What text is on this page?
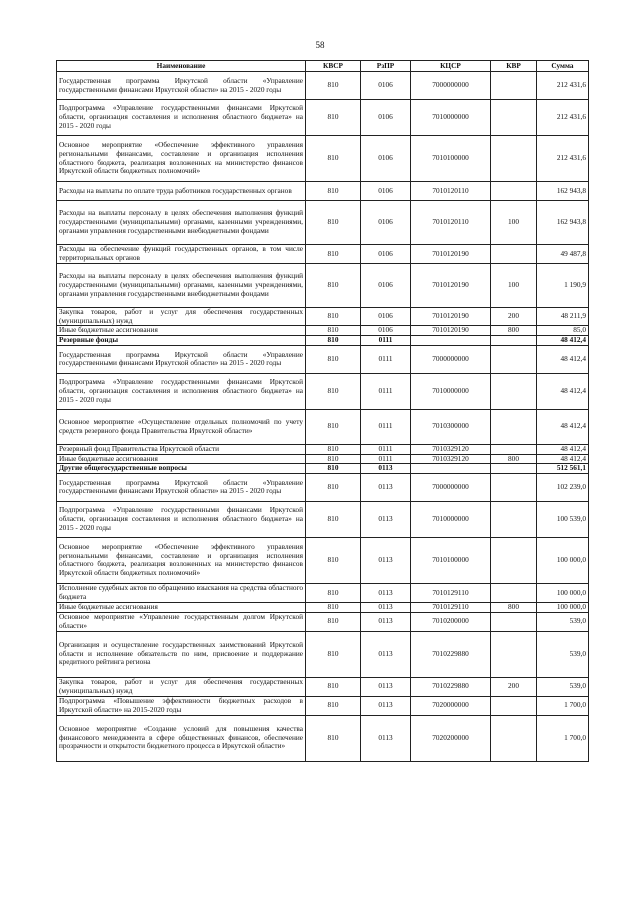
58
Наименование	КВСР	РзПР	КЦСР	КВР	Сумма
Государственная программа Иркутской области «Управление государственными финансами Иркутской области» на 2015 - 2020 годы	810	0106	7000000000		212 431,6
Подпрограмма «Управление государственными финансами Иркутской области, организация составления и исполнения областного бюджета» на 2015 - 2020 годы	810	0106	7010000000		212 431,6
Основное мероприятие «Обеспечение эффективного управления региональными финансами, составление и организация исполнения областного бюджета, реализация возложенных на министерство финансов Иркутской области бюджетных полномочий»	810	0106	7010100000		212 431,6
Расходы на выплаты по оплате труда работников государственных органов	810	0106	7010120110		162 943,8
Расходы на выплаты персоналу в целях обеспечения выполнения функций государственными (муниципальными) органами, казенными учреждениями, органами управления государственными внебюджетными фондами	810	0106	7010120110	100	162 943,8
Расходы на обеспечение функций государственных органов, в том числе территориальных органов	810	0106	7010120190		49 487,8
Расходы на выплаты персоналу в целях обеспечения выполнения функций государственными (муниципальными) органами, казенными учреждениями, органами управления государственными внебюджетными фондами	810	0106	7010120190	100	1 190,9
Закупка товаров, работ и услуг для обеспечения государственных (муниципальных) нужд	810	0106	7010120190	200	48 211,9
Иные бюджетные ассигнования	810	0106	7010120190	800	85,0
Резервные фонды	810	0111			48 412,4
Государственная программа Иркутской области «Управление государственными финансами Иркутской области» на 2015 - 2020 годы	810	0111	7000000000		48 412,4
Подпрограмма «Управление государственными финансами Иркутской области, организация составления и исполнения областного бюджета» на 2015 - 2020 годы	810	0111	7010000000		48 412,4
Основное мероприятие «Осуществление отдельных полномочий по учету средств резервного фонда Правительства Иркутской области»	810	0111	7010300000		48 412,4
Резервный фонд Правительства Иркутской области	810	0111	7010329120		48 412,4
Иные бюджетные ассигнования	810	0111	7010329120	800	48 412,4
Другие общегосударственные вопросы	810	0113			512 561,1
Государственная программа Иркутской области «Управление государственными финансами Иркутской области» на 2015 - 2020 годы	810	0113	7000000000		102 239,0
Подпрограмма «Управление государственными финансами Иркутской области, организация составления и исполнения областного бюджета» на 2015 - 2020 годы	810	0113	7010000000		100 539,0
Основное мероприятие «Обеспечение эффективного управления региональными финансами, составление и организация исполнения областного бюджета, реализация возложенных на министерство финансов Иркутской области бюджетных полномочий»	810	0113	7010100000		100 000,0
Исполнение судебных актов по обращению взыскания на средства областного бюджета	810	0113	7010129110		100 000,0
Иные бюджетные ассигнования	810	0113	7010129110	800	100 000,0
Основное мероприятие «Управление государственным долгом Иркутской области»	810	0113	7010200000		539,0
Организация и осуществление государственных заимствований Иркутской области и исполнение обязательств по ним, присвоение и поддержание кредитного рейтинга региона	810	0113	7010229880		539,0
Закупка товаров, работ и услуг для обеспечения государственных (муниципальных) нужд	810	0113	7010229880	200	539,0
Подпрограмма «Повышение эффективности бюджетных расходов в Иркутской области» на 2015-2020 годы	810	0113	7020000000		1 700,0
Основное мероприятие «Создание условий для повышения качества финансового менеджмента в сфере общественных финансов, обеспечение прозрачности и открытости бюджетного процесса в Иркутской области»	810	0113	7020200000		1 700,0
